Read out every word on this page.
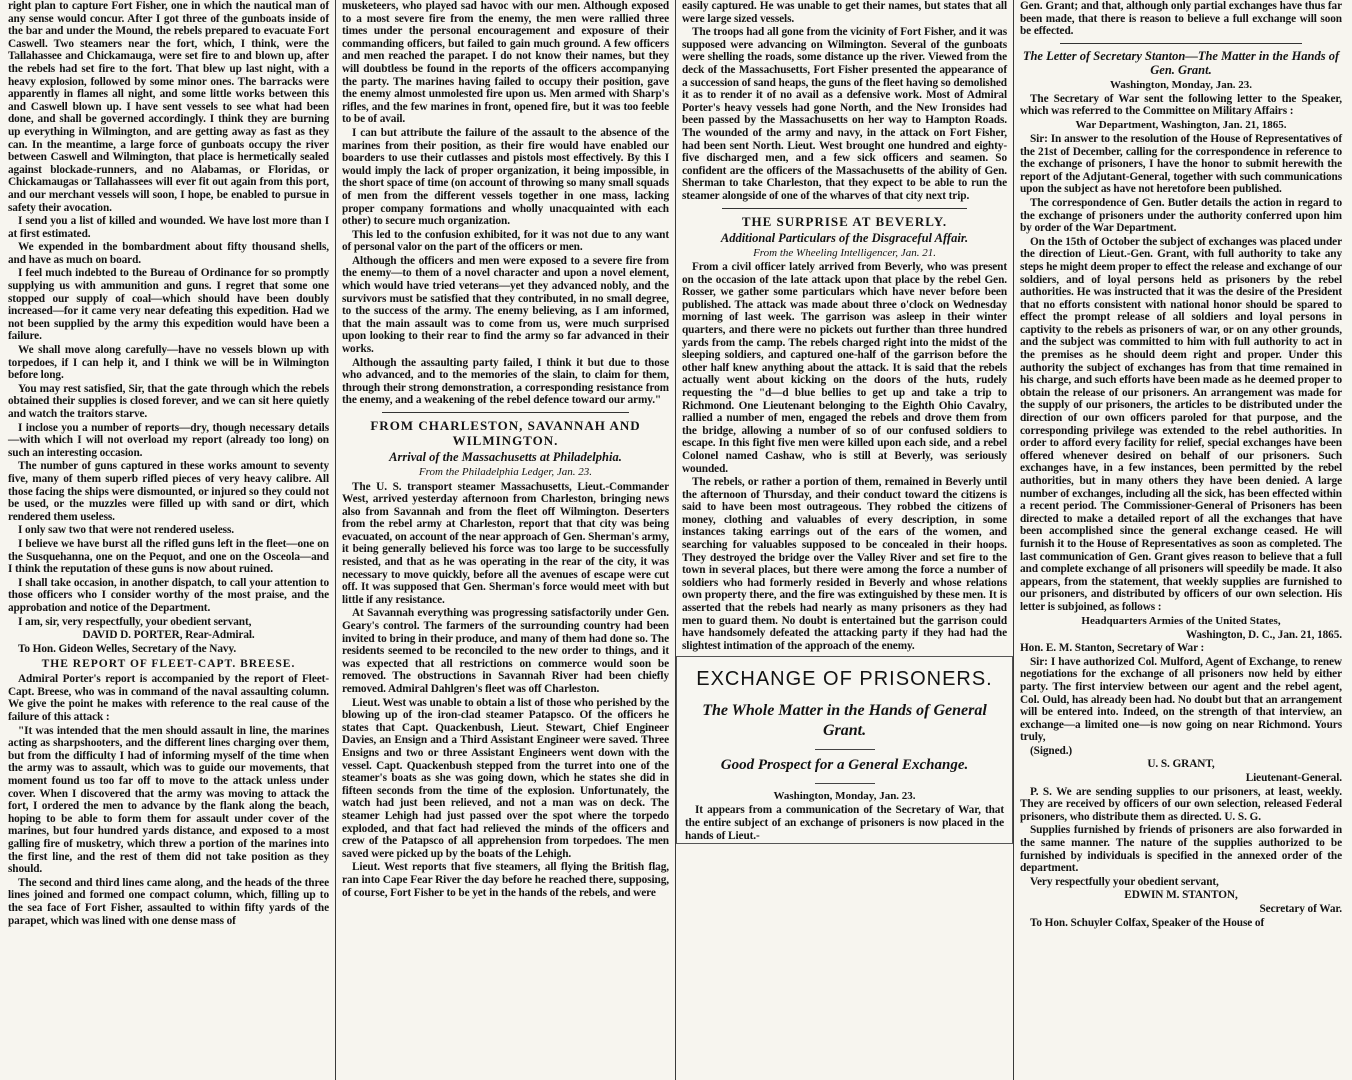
right plan to capture Fort Fisher, one in which the nautical man of any sense would concur. After I got three of the gunboats inside of the bar and under the Mound, the rebels prepared to evacuate Fort Caswell. Two steamers near the fort, which, I think, were the Tallahassee and Chickamauga, were set fire to and blown up, after the rebels had set fire to the fort. That blew up last night, with a heavy explosion, followed by some minor ones. The barracks were apparently in flames all night, and some little works between this and Caswell blown up. I have sent vessels to see what had been done, and shall be governed accordingly. I think they are burning up everything in Wilmington, and are getting away as fast as they can. In the meantime, a large force of gunboats occupy the river between Caswell and Wilmington, that place is hermetically sealed against blockade-runners, and no Alabamas, or Floridas, or Chickamaugas or Tallahassees will ever fit out again from this port, and our merchant vessels will soon, I hope, be enabled to pursue in safety their avocation.

I send you a list of killed and wounded. We have lost more than I at first estimated.

We expended in the bombardment about fifty thousand shells, and have as much on board.

I feel much indebted to the Bureau of Ordinance for so promptly supplying us with ammunition and guns. I regret that some one stopped our supply of coal—which should have been doubly increased—for it came very near defeating this expedition. Had we not been supplied by the army this expedition would have been a failure.

We shall move along carefully—have no vessels blown up with torpedoes, if I can help it, and I think we will be in Wilmington before long.

You may rest satisfied, Sir, that the gate through which the rebels obtained their supplies is closed forever, and we can sit here quietly and watch the traitors starve.

I inclose you a number of reports—dry, though necessary details—with which I will not overload my report (already too long) on such an interesting occasion.

The number of guns captured in these works amount to seventy five, many of them superb rifled pieces of very heavy calibre. All those facing the ships were dismounted, or injured so they could not be used, or the muzzles were filled up with sand or dirt, which rendered them useless.

I only saw two that were not rendered useless.

I believe we have burst all the rifled guns left in the fleet—one on the Susquehanna, one on the Pequot, and one on the Osceola—and I think the reputation of these guns is now about ruined.

I shall take occasion, in another dispatch, to call your attention to those officers who I consider worthy of the most praise, and the approbation and notice of the Department.

I am, sir, very respectfully, your obedient servant,

DAVID D. PORTER, Rear-Admiral.

To Hon. Gideon Welles, Secretary of the Navy.

THE REPORT OF FLEET-CAPT. BREESE.

Admiral Porter's report is accompanied by the report of Fleet-Capt. Breese, who was in command of the naval assaulting column. We give the point he makes with reference to the real cause of the failure of this attack :

"It was intended that the men should assault in line, the marines acting as sharpshooters, and the different lines charging over them, but from the difficulty I had of informing myself of the time when the army was to assault, which was to guide our movements, that moment found us too far off to move to the attack unless under cover. When I discovered that the army was moving to attack the fort, I ordered the men to advance by the flank along the beach, hoping to be able to form them for assault under cover of the marines, but four hundred yards distance, and exposed to a most galling fire of musketry, which threw a portion of the marines into the first line, and the rest of them did not take position as they should.

The second and third lines came along, and the heads of the three lines joined and formed one compact column, which, filling up to the sea face of Fort Fisher, assaulted to within fifty yards of the parapet, which was lined with one dense mass of

musketeers, who played sad havoc with our men. Although exposed to a most severe fire from the enemy, the men were rallied three times under the personal encouragement and exposure of their commanding officers, but failed to gain much ground. A few officers and men reached the parapet. I do not know their names, but they will doubtless be found in the reports of the officers accompanying the party. The marines having failed to occupy their position, gave the enemy almost unmolested fire upon us. Men armed with Sharp's rifles, and the few marines in front, opened fire, but it was too feeble to be of avail.

I can but attribute the failure of the assault to the absence of the marines from their position, as their fire would have enabled our boarders to use their cutlasses and pistols most effectively. By this I would imply the lack of proper organization, it being impossible, in the short space of time (on account of throwing so many small squads of men from the different vessels together in one mass, lacking proper company formations and wholly unacquainted with each other) to secure much organization.

This led to the confusion exhibited, for it was not due to any want of personal valor on the part of the officers or men.

Although the officers and men were exposed to a severe fire from the enemy—to them of a novel character and upon a novel element, which would have tried veterans—yet they advanced nobly, and the survivors must be satisfied that they contributed, in no small degree, to the success of the army. The enemy believing, as I am informed, that the main assault was to come from us, were much surprised upon looking to their rear to find the army so far advanced in their works.

Although the assaulting party failed, I think it but due to those who advanced, and to the memories of the slain, to claim for them, through their strong demonstration, a corresponding resistance from the enemy, and a weakening of the rebel defence toward our army."

FROM CHARLESTON, SAVANNAH AND WILMINGTON.
Arrival of the Massachusetts at Philadelphia.
From the Philadelphia Ledger, Jan. 23.

The U. S. transport steamer Massachusetts, Lieut.-Commander West, arrived yesterday afternoon from Charleston, bringing news also from Savannah and from the fleet off Wilmington. Deserters from the rebel army at Charleston, report that that city was being evacuated, on account of the near approach of Gen. Sherman's army, it being generally believed his force was too large to be successfully resisted, and that as he was operating in the rear of the city, it was necessary to move quickly, before all the avenues of escape were cut off. It was supposed that Gen. Sherman's force would meet with but little if any resistance.

At Savannah everything was progressing satisfactorily under Gen. Geary's control. The farmers of the surrounding country had been invited to bring in their produce, and many of them had done so. The residents seemed to be reconciled to the new order to things, and it was expected that all restrictions on commerce would soon be removed. The obstructions in Savannah River had been chiefly removed. Admiral Dahlgren's fleet was off Charleston.

Lieut. West was unable to obtain a list of those who perished by the blowing up of the iron-clad steamer Patapsco. Of the officers he states that Capt. Quackenbush, Lieut. Stewart, Chief Engineer Davies, an Ensign and a Third Assistant Engineer were saved. Three Ensigns and two or three Assistant Engineers went down with the vessel. Capt. Quackenbush stepped from the turret into one of the steamer's boats as she was going down, which he states she did in fifteen seconds from the time of the explosion. Unfortunately, the watch had just been relieved, and not a man was on deck. The steamer Lehigh had just passed over the spot where the torpedo exploded, and that fact had relieved the minds of the officers and crew of the Patapsco of all apprehension from torpedoes. The men saved were picked up by the boats of the Lehigh.

Lieut. West reports that five steamers, all flying the British flag, ran into Cape Fear River the day before he reached there, supposing, of course, Fort Fisher to be yet in the hands of the rebels, and were

easily captured. He was unable to get their names, but states that all were large sized vessels.

The troops had all gone from the vicinity of Fort Fisher, and it was supposed were advancing on Wilmington. Several of the gunboats were shelling the roads, some distance up the river. Viewed from the deck of the Massachusetts, Fort Fisher presented the appearance of a succession of sand heaps, the guns of the fleet having so demolished it as to render it of no avail as a defensive work. Most of Admiral Porter's heavy vessels had gone North, and the New Ironsides had been passed by the Massachusetts on her way to Hampton Roads. The wounded of the army and navy, in the attack on Fort Fisher, had been sent North. Lieut. West brought one hundred and eighty-five discharged men, and a few sick officers and seamen. So confident are the officers of the Massachusetts of the ability of Gen. Sherman to take Charleston, that they expect to be able to run the steamer alongside of one of the wharves of that city next trip.

THE SURPRISE AT BEVERLY.
Additional Particulars of the Disgraceful Affair.
From the Wheeling Intelligencer, Jan. 21.

From a civil officer lately arrived from Beverly, who was present on the occasion of the late attack upon that place by the rebel Gen. Rosser, we gather some particulars which have never before been published. The attack was made about three o'clock on Wednesday morning of last week. The garrison was asleep in their winter quarters, and there were no pickets out further than three hundred yards from the camp. The rebels charged right into the midst of the sleeping soldiers, and captured one-half of the garrison before the other half knew anything about the attack. It is said that the rebels actually went about kicking on the doors of the huts, rudely requesting the "d—d blue bellies to get up and take a trip to Richmond. One Lieutenant belonging to the Eighth Ohio Cavalry, rallied a number of men, engaged the rebels and drove them from the bridge, allowing a number of so of our confused soldiers to escape. In this fight five men were killed upon each side, and a rebel Colonel named Cashaw, who is still at Beverly, was seriously wounded.

The rebels, or rather a portion of them, remained in Beverly until the afternoon of Thursday, and their conduct toward the citizens is said to have been most outrageous. They robbed the citizens of money, clothing and valuables of every description, in some instances taking earrings out of the ears of the women, and searching for valuables supposed to be concealed in their hoops. They destroyed the bridge over the Valley River and set fire to the town in several places, but there were among the force a number of soldiers who had formerly resided in Beverly and whose relations own property there, and the fire was extinguished by these men. It is asserted that the rebels had nearly as many prisoners as they had men to guard them. No doubt is entertained but the garrison could have handsomely defeated the attacking party if they had had the slightest intimation of the approach of the enemy.

EXCHANGE OF PRISONERS.
The Whole Matter in the Hands of General Grant.
Good Prospect for a General Exchange.
Washington, Monday, Jan. 23.

It appears from a communication of the Secretary of War, that the entire subject of an exchange of prisoners is now placed in the hands of Lieut.-

Gen. Grant; and that, although only partial exchanges have thus far been made, that there is reason to believe a full exchange will soon be effected.

The Letter of Secretary Stanton—The Matter in the Hands of Gen. Grant.
Washington, Monday, Jan. 23.

The Secretary of War sent the following letter to the Speaker, which was referred to the Committee on Military Affairs :

War Department, Washington, Jan. 21, 1865.

Sir: In answer to the resolution of the House of Representatives of the 21st of December, calling for the correspondence in reference to the exchange of prisoners, I have the honor to submit herewith the report of the Adjutant-General, together with such communications upon the subject as have not heretofore been published.

The correspondence of Gen. Butler details the action in regard to the exchange of prisoners under the authority conferred upon him by order of the War Department.

On the 15th of October the subject of exchanges was placed under the direction of Lieut.-Gen. Grant, with full authority to take any steps he might deem proper to effect the release and exchange of our soldiers, and of loyal persons held as prisoners by the rebel authorities. He was instructed that it was the desire of the President that no efforts consistent with national honor should be spared to effect the prompt release of all soldiers and loyal persons in captivity to the rebels as prisoners of war, or on any other grounds, and the subject was committed to him with full authority to act in the premises as he should deem right and proper. Under this authority the subject of exchanges has from that time remained in his charge, and such efforts have been made as he deemed proper to obtain the release of our prisoners. An arrangement was made for the supply of our prisoners, the articles to be distributed under the direction of our own officers paroled for that purpose, and the corresponding privilege was extended to the rebel authorities. In order to afford every facility for relief, special exchanges have been offered whenever desired on behalf of our prisoners. Such exchanges have, in a few instances, been permitted by the rebel authorities, but in many others they have been denied. A large number of exchanges, including all the sick, has been effected within a recent period. The Commissioner-General of Prisoners has been directed to make a detailed report of all the exchanges that have been accomplished since the general exchange ceased. He will furnish it to the House of Representatives as soon as completed. The last communication of Gen. Grant gives reason to believe that a full and complete exchange of all prisoners will speedily be made. It also appears, from the statement, that weekly supplies are furnished to our prisoners, and distributed by officers of our own selection. His letter is subjoined, as follows :

Headquarters Armies of the United States,

Washington, D. C., Jan. 21, 1865.

Hon. E. M. Stanton, Secretary of War :

Sir: I have authorized Col. Mulford, Agent of Exchange, to renew negotiations for the exchange of all prisoners now held by either party. The first interview between our agent and the rebel agent, Col. Ould, has already been had. No doubt but that an arrangement will be entered into. Indeed, on the strength of that interview, an exchange—a limited one—is now going on near Richmond. Yours truly,

(Signed.)

U. S. GRANT,

Lieutenant-General.

P. S. We are sending supplies to our prisoners, at least, weekly. They are received by officers of our own selection, released Federal prisoners, who distribute them as directed. U. S. G.

Supplies furnished by friends of prisoners are also forwarded in the same manner. The nature of the supplies authorized to be furnished by individuals is specified in the annexed order of the department.

Very respectfully your obedient servant,

EDWIN M. STANTON,

Secretary of War.

To Hon. Schuyler Colfax, Speaker of the House of
